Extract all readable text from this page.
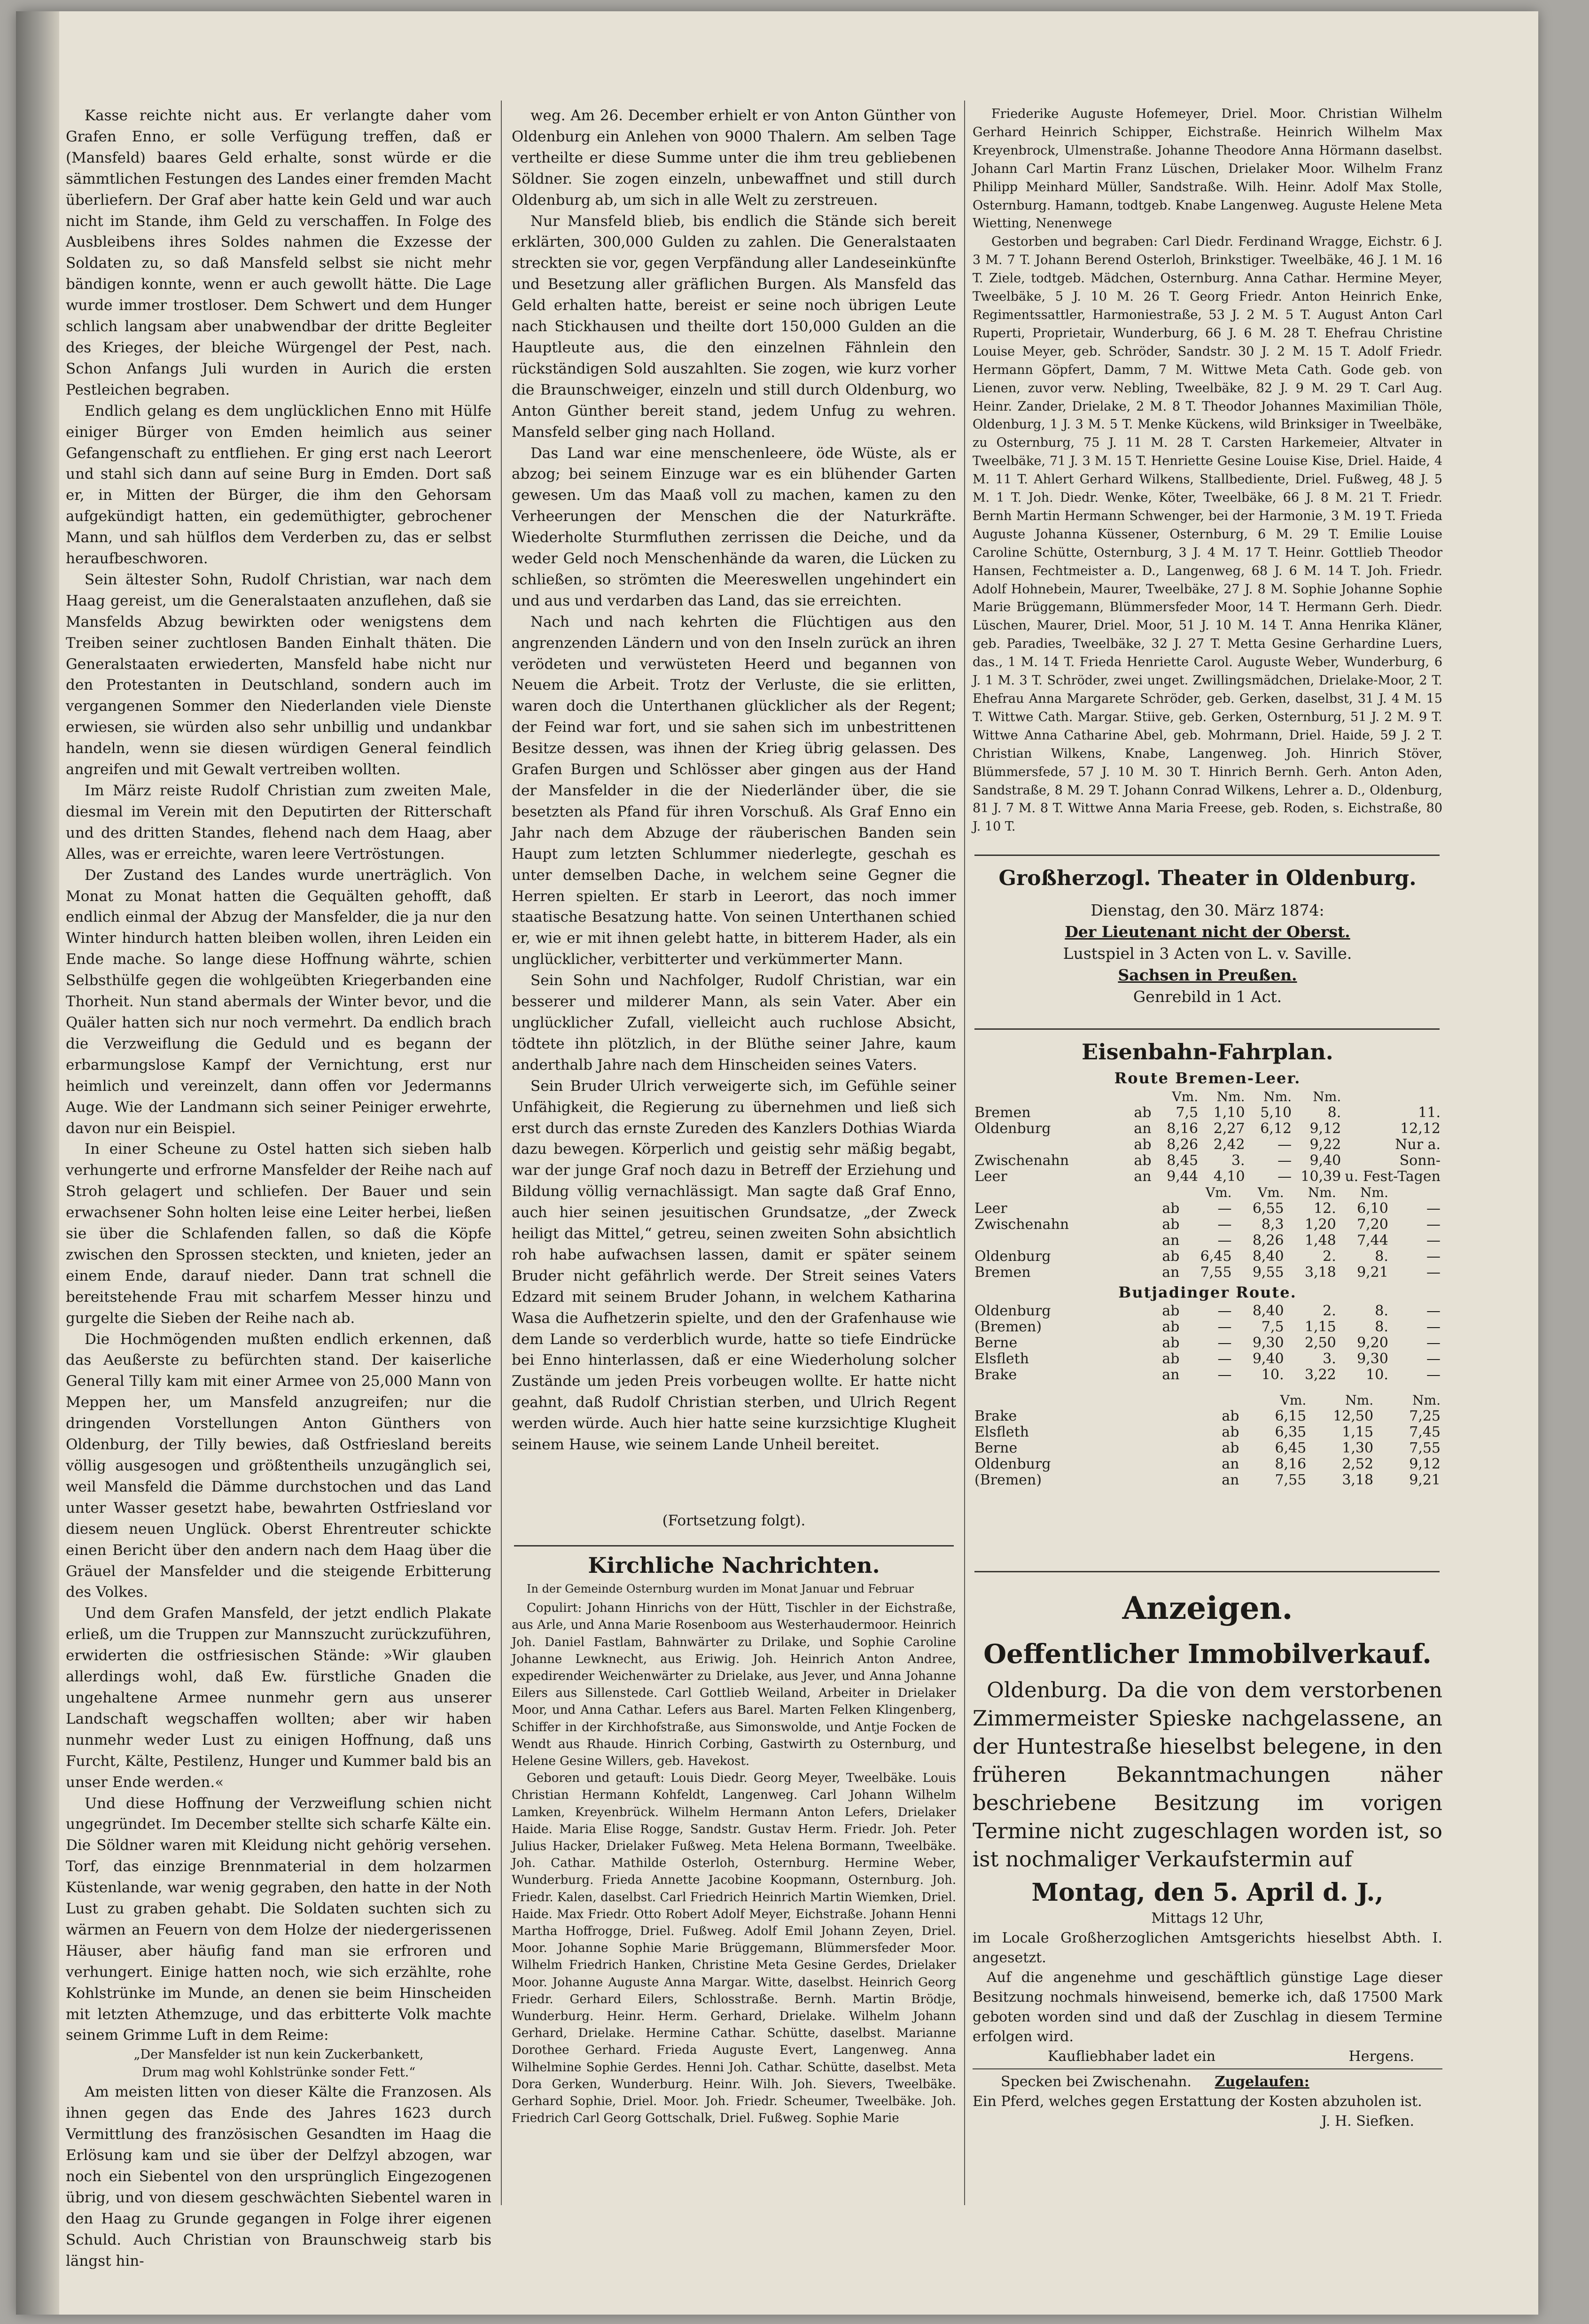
Kasse reichte nicht aus. Er verlangte daher vom Grafen Enno, er solle Verfügung treffen, daß er (Mansfeld) baares Geld erhalte, sonst würde er die sämmtlichen Festungen des Landes einer fremden Macht überliefern. Der Graf aber hatte kein Geld und war auch nicht im Stande, ihm Geld zu verschaffen. In Folge des Ausbleibens ihres Soldes nahmen die Exzesse der Soldaten zu, so daß Mansfeld selbst sie nicht mehr bändigen konnte, wenn er auch gewollt hätte. Die Lage wurde immer trostloser. Dem Schwert und dem Hunger schlich langsam aber unabwendbar der dritte Begleiter des Krieges, der bleiche Würgengel der Pest, nach. Schon Anfangs Juli wurden in Aurich die ersten Pestleichen begraben.

Endlich gelang es dem unglücklichen Enno mit Hülfe einiger Bürger von Emden heimlich aus seiner Gefangenschaft zu entfliehen. Er ging erst nach Leerort und stahl sich dann auf seine Burg in Emden. Dort saß er, in Mitten der Bürger, die ihm den Gehorsam aufgekündigt hatten, ein gedemüthigter, gebrochener Mann, und sah hülflos dem Verderben zu, das er selbst heraufbeschworen.

Sein ältester Sohn, Rudolf Christian, war nach dem Haag gereist, um die Generalstaaten anzuflehen, daß sie Mansfelds Abzug bewirkten oder wenigstens dem Treiben seiner zuchtlosen Banden Einhalt thäten. Die Generalstaaten erwiederten, Mansfeld habe nicht nur den Protestanten in Deutschland, sondern auch im vergangenen Sommer den Niederlanden viele Dienste erwiesen, sie würden also sehr unbillig und undankbar handeln, wenn sie diesen würdigen General feindlich angreifen und mit Gewalt vertreiben wollten.

Im März reiste Rudolf Christian zum zweiten Male, diesmal im Verein mit den Deputirten der Ritterschaft und des dritten Standes, flehend nach dem Haag, aber Alles, was er erreichte, waren leere Vertröstungen.

Der Zustand des Landes wurde unerträglich. Von Monat zu Monat hatten die Gequälten gehofft, daß endlich einmal der Abzug der Mansfelder, die ja nur den Winter hindurch hatten bleiben wollen, ihren Leiden ein Ende mache. So lange diese Hoffnung währte, schien Selbsthülfe gegen die wohlgeübten Kriegerbanden eine Thorheit. Nun stand abermals der Winter bevor, und die Quäler hatten sich nur noch vermehrt. Da endlich brach die Verzweiflung die Geduld und es begann der erbarmungslose Kampf der Vernichtung, erst nur heimlich und vereinzelt, dann offen vor Jedermanns Auge. Wie der Landmann sich seiner Peiniger erwehrte, davon nur ein Beispiel.

In einer Scheune zu Ostel hatten sich sieben halb verhungerte und erfrorne Mansfelder der Reihe nach auf Stroh gelagert und schliefen. Der Bauer und sein erwachsener Sohn holten leise eine Leiter herbei, ließen sie über die Schlafenden fallen, so daß die Köpfe zwischen den Sprossen steckten, und knieten, jeder an einem Ende, darauf nieder. Dann trat schnell die bereitstehende Frau mit scharfem Messer hinzu und gurgelte die Sieben der Reihe nach ab.

Die Hochmögenden mußten endlich erkennen, daß das Aeußerste zu befürchten stand. Der kaiserliche General Tilly kam mit einer Armee von 25,000 Mann von Meppen her, um Mansfeld anzugreifen; nur die dringenden Vorstellungen Anton Günthers von Oldenburg, der Tilly bewies, daß Ostfriesland bereits völlig ausgesogen und größtentheils unzugänglich sei, weil Mansfeld die Dämme durchstochen und das Land unter Wasser gesetzt habe, bewahrten Ostfriesland vor diesem neuen Unglück. Oberst Ehrentreuter schickte einen Bericht über den andern nach dem Haag über die Gräuel der Mansfelder und die steigende Erbitterung des Volkes.

Und dem Grafen Mansfeld, der jetzt endlich Plakate erließ, um die Truppen zur Mannszucht zurückzuführen, erwiderten die ostfriesischen Stände: »Wir glauben allerdings wohl, daß Ew. fürstliche Gnaden die ungehaltene Armee nunmehr gern aus unserer Landschaft wegschaffen wollten; aber wir haben nunmehr weder Lust zu einigen Hoffnung, daß uns Furcht, Kälte, Pestilenz, Hunger und Kummer bald bis an unser Ende werden.«

Und diese Hoffnung der Verzweiflung schien nicht ungegründet. Im December stellte sich scharfe Kälte ein. Die Söldner waren mit Kleidung nicht gehörig versehen. Torf, das einzige Brennmaterial in dem holzarmen Küstenlande, war wenig gegraben, den hatte in der Noth Lust zu graben gehabt. Die Soldaten suchten sich zu wärmen an Feuern von dem Holze der niedergerissenen Häuser, aber häufig fand man sie erfroren und verhungert. Einige hatten noch, wie sich erzählte, rohe Kohlstrünke im Munde, an denen sie beim Hinscheiden mit letzten Athemzuge, und das erbitterte Volk machte seinem Grimme Luft in dem Reime:

„Der Mansfelder ist nun kein Zuckerbankett,

Drum mag wohl Kohlstrünke sonder Fett.“

Am meisten litten von dieser Kälte die Franzosen. Als ihnen gegen das Ende des Jahres 1623 durch Vermittlung des französischen Gesandten im Haag die Erlösung kam und sie über der Delfzyl abzogen, war noch ein Siebentel von den ursprünglich Eingezogenen übrig, und von diesem geschwächten Siebentel waren in den Haag zu Grunde gegangen in Folge ihrer eigenen Schuld. Auch Christian von Braunschweig starb bis längst hin-

weg. Am 26. December erhielt er von Anton Günther von Oldenburg ein Anlehen von 9000 Thalern. Am selben Tage vertheilte er diese Summe unter die ihm treu gebliebenen Söldner. Sie zogen einzeln, unbewaffnet und still durch Oldenburg ab, um sich in alle Welt zu zerstreuen.

Nur Mansfeld blieb, bis endlich die Stände sich bereit erklärten, 300,000 Gulden zu zahlen. Die Generalstaaten streckten sie vor, gegen Verpfändung aller Landeseinkünfte und Besetzung aller gräflichen Burgen. Als Mansfeld das Geld erhalten hatte, bereist er seine noch übrigen Leute nach Stickhausen und theilte dort 150,000 Gulden an die Hauptleute aus, die den einzelnen Fähnlein den rückständigen Sold auszahlten. Sie zogen, wie kurz vorher die Braunschweiger, einzeln und still durch Oldenburg, wo Anton Günther bereit stand, jedem Unfug zu wehren. Mansfeld selber ging nach Holland.

Das Land war eine menschenleere, öde Wüste, als er abzog; bei seinem Einzuge war es ein blühender Garten gewesen. Um das Maaß voll zu machen, kamen zu den Verheerungen der Menschen die der Naturkräfte. Wiederholte Sturmfluthen zerrissen die Deiche, und da weder Geld noch Menschenhände da waren, die Lücken zu schließen, so strömten die Meereswellen ungehindert ein und aus und verdarben das Land, das sie erreichten.

Nach und nach kehrten die Flüchtigen aus den angrenzenden Ländern und von den Inseln zurück an ihren verödeten und verwüsteten Heerd und begannen von Neuem die Arbeit. Trotz der Verluste, die sie erlitten, waren doch die Unterthanen glücklicher als der Regent; der Feind war fort, und sie sahen sich im unbestrittenen Besitze dessen, was ihnen der Krieg übrig gelassen. Des Grafen Burgen und Schlösser aber gingen aus der Hand der Mansfelder in die der Niederländer über, die sie besetzten als Pfand für ihren Vorschuß. Als Graf Enno ein Jahr nach dem Abzuge der räuberischen Banden sein Haupt zum letzten Schlummer niederlegte, geschah es unter demselben Dache, in welchem seine Gegner die Herren spielten. Er starb in Leerort, das noch immer staatische Besatzung hatte. Von seinen Unterthanen schied er, wie er mit ihnen gelebt hatte, in bitterem Hader, als ein unglücklicher, verbitterter und verkümmerter Mann.

Sein Sohn und Nachfolger, Rudolf Christian, war ein besserer und milderer Mann, als sein Vater. Aber ein unglücklicher Zufall, vielleicht auch ruchlose Absicht, tödtete ihn plötzlich, in der Blüthe seiner Jahre, kaum anderthalb Jahre nach dem Hinscheiden seines Vaters.

Sein Bruder Ulrich verweigerte sich, im Gefühle seiner Unfähigkeit, die Regierung zu übernehmen und ließ sich erst durch das ernste Zureden des Kanzlers Dothias Wiarda dazu bewegen. Körperlich und geistig sehr mäßig begabt, war der junge Graf noch dazu in Betreff der Erziehung und Bildung völlig vernachlässigt. Man sagte daß Graf Enno, auch hier seinen jesuitischen Grundsatze, „der Zweck heiligt das Mittel,“ getreu, seinen zweiten Sohn absichtlich roh habe aufwachsen lassen, damit er später seinem Bruder nicht gefährlich werde. Der Streit seines Vaters Edzard mit seinem Bruder Johann, in welchem Katharina Wasa die Aufhetzerin spielte, und den der Grafenhause wie dem Lande so verderblich wurde, hatte so tiefe Eindrücke bei Enno hinterlassen, daß er eine Wiederholung solcher Zustände um jeden Preis vorbeugen wollte. Er hatte nicht geahnt, daß Rudolf Christian sterben, und Ulrich Regent werden würde. Auch hier hatte seine kurzsichtige Klugheit seinem Hause, wie seinem Lande Unheil bereitet.

(Fortsetzung folgt).
Kirchliche Nachrichten.

In der Gemeinde Osternburg wurden im Monat Januar und Februar

Copulirt: Johann Hinrichs von der Hütt, Tischler in der Eichstraße, aus Arle, und Anna Marie Rosenboom aus Westerhaudermoor. Heinrich Joh. Daniel Fastlam, Bahnwärter zu Drilake, und Sophie Caroline Johanne Lewknecht, aus Eriwig. Joh. Heinrich Anton Andree, expedirender Weichenwärter zu Drielake, aus Jever, und Anna Johanne Eilers aus Sillenstede. Carl Gottlieb Weiland, Arbeiter in Drielaker Moor, und Anna Cathar. Lefers aus Barel. Marten Felken Klingenberg, Schiffer in der Kirchhofstraße, aus Simonswolde, und Antje Focken de Wendt aus Rhaude. Hinrich Corbing, Gastwirth zu Osternburg, und Helene Gesine Willers, geb. Havekost.

Geboren und getauft: Louis Diedr. Georg Meyer, Tweelbäke. Louis Christian Hermann Kohfeldt, Langenweg. Carl Johann Wilhelm Lamken, Kreyenbrück. Wilhelm Hermann Anton Lefers, Drielaker Haide. Maria Elise Rogge, Sandstr. Gustav Herm. Friedr. Joh. Peter Julius Hacker, Drielaker Fußweg. Meta Helena Bormann, Tweelbäke. Joh. Cathar. Mathilde Osterloh, Osternburg. Hermine Weber, Wunderburg. Frieda Annette Jacobine Koopmann, Osternburg. Joh. Friedr. Kalen, daselbst. Carl Friedrich Heinrich Martin Wiemken, Driel. Haide. Max Friedr. Otto Robert Adolf Meyer, Eichstraße. Johann Henni Martha Hoffrogge, Driel. Fußweg. Adolf Emil Johann Zeyen, Driel. Moor. Johanne Sophie Marie Brüggemann, Blümmersfeder Moor. Wilhelm Friedrich Hanken, Christine Meta Gesine Gerdes, Drielaker Moor. Johanne Auguste Anna Margar. Witte, daselbst. Heinrich Georg Friedr. Gerhard Eilers, Schlosstraße. Bernh. Martin Brödje, Wunderburg. Heinr. Herm. Gerhard, Drielake. Wilhelm Johann Gerhard, Drielake. Hermine Cathar. Schütte, daselbst. Marianne Dorothee Gerhard. Frieda Auguste Evert, Langenweg. Anna Wilhelmine Sophie Gerdes. Henni Joh. Cathar. Schütte, daselbst. Meta Dora Gerken, Wunderburg. Heinr. Wilh. Joh. Sievers, Tweelbäke. Gerhard Sophie, Driel. Moor. Joh. Friedr. Scheumer, Tweelbäke. Joh. Friedrich Carl Georg Gottschalk, Driel. Fußweg. Sophie Marie

Friederike Auguste Hofemeyer, Driel. Moor. Christian Wilhelm Gerhard Heinrich Schipper, Eichstraße. Heinrich Wilhelm Max Kreyenbrock, Ulmenstraße. Johanne Theodore Anna Hörmann daselbst. Johann Carl Martin Franz Lüschen, Drielaker Moor. Wilhelm Franz Philipp Meinhard Müller, Sandstraße. Wilh. Heinr. Adolf Max Stolle, Osternburg. Hamann, todtgeb. Knabe Langenweg. Auguste Helene Meta Wietting, Nenenwege

Gestorben und begraben: Carl Diedr. Ferdinand Wragge, Eichstr. 6 J. 3 M. 7 T. Johann Berend Osterloh, Brinkstiger. Tweelbäke, 46 J. 1 M. 16 T. Ziele, todtgeb. Mädchen, Osternburg. Anna Cathar. Hermine Meyer, Tweelbäke, 5 J. 10 M. 26 T. Georg Friedr. Anton Heinrich Enke, Regimentssattler, Harmoniestraße, 53 J. 2 M. 5 T. August Anton Carl Ruperti, Proprietair, Wunderburg, 66 J. 6 M. 28 T. Ehefrau Christine Louise Meyer, geb. Schröder, Sandstr. 30 J. 2 M. 15 T. Adolf Friedr. Hermann Göpfert, Damm, 7 M. Wittwe Meta Cath. Gode geb. von Lienen, zuvor verw. Nebling, Tweelbäke, 82 J. 9 M. 29 T. Carl Aug. Heinr. Zander, Drielake, 2 M. 8 T. Theodor Johannes Maximilian Thöle, Oldenburg, 1 J. 3 M. 5 T. Menke Kückens, wild Brinksiger in Tweelbäke, zu Osternburg, 75 J. 11 M. 28 T. Carsten Harkemeier, Altvater in Tweelbäke, 71 J. 3 M. 15 T. Henriette Gesine Louise Kise, Driel. Haide, 4 M. 11 T. Ahlert Gerhard Wilkens, Stallbediente, Driel. Fußweg, 48 J. 5 M. 1 T. Joh. Diedr. Wenke, Köter, Tweelbäke, 66 J. 8 M. 21 T. Friedr. Bernh Martin Hermann Schwenger, bei der Harmonie, 3 M. 19 T. Frieda Auguste Johanna Küssener, Osternburg, 6 M. 29 T. Emilie Louise Caroline Schütte, Osternburg, 3 J. 4 M. 17 T. Heinr. Gottlieb Theodor Hansen, Fechtmeister a. D., Langenweg, 68 J. 6 M. 14 T. Joh. Friedr. Adolf Hohnebein, Maurer, Tweelbäke, 27 J. 8 M. Sophie Johanne Sophie Marie Brüggemann, Blümmersfeder Moor, 14 T. Hermann Gerh. Diedr. Lüschen, Maurer, Driel. Moor, 51 J. 10 M. 14 T. Anna Henrika Kläner, geb. Paradies, Tweelbäke, 32 J. 27 T. Metta Gesine Gerhardine Luers, das., 1 M. 14 T. Frieda Henriette Carol. Auguste Weber, Wunderburg, 6 J. 1 M. 3 T. Schröder, zwei unget. Zwillingsmädchen, Drielake-Moor, 2 T. Ehefrau Anna Margarete Schröder, geb. Gerken, daselbst, 31 J. 4 M. 15 T. Wittwe Cath. Margar. Stiive, geb. Gerken, Osternburg, 51 J. 2 M. 9 T. Wittwe Anna Catharine Abel, geb. Mohrmann, Driel. Haide, 59 J. 2 T. Christian Wilkens, Knabe, Langenweg. Joh. Hinrich Stöver, Blümmersfede, 57 J. 10 M. 30 T. Hinrich Bernh. Gerh. Anton Aden, Sandstraße, 8 M. 29 T. Johann Conrad Wilkens, Lehrer a. D., Oldenburg, 81 J. 7 M. 8 T. Wittwe Anna Maria Freese, geb. Roden, s. Eichstraße, 80 J. 10 T.

Großherzogl. Theater in Oldenburg.
Dienstag, den 30. März 1874:
Der Lieutenant nicht der Oberst.
Lustspiel in 3 Acten von L. v. Saville.
Sachsen in Preußen.
Genrebild in 1 Act.
Eisenbahn-Fahrplan.
Route Bremen-Leer.
		Vm.	Nm.	Nm.	Nm.	
Bremen	ab	7,5	1,10	5,10	8.	11.
Oldenburg	an	8,16	2,27	6,12	9,12	12,12
	ab	8,26	2,42	—	9,22	Nur a.
Zwischenahn	ab	8,45	3.	—	9,40	Sonn-
Leer	an	9,44	4,10	—	10,39	u. Fest-Tagen
		Vm.	Vm.	Nm.	Nm.	
Leer	ab	—	6,55	12.	6,10	—
Zwischenahn	ab	—	8,3	1,20	7,20	—
	an	—	8,26	1,48	7,44	—
Oldenburg	ab	6,45	8,40	2.	8.	—
Bremen	an	7,55	9,55	3,18	9,21	—
Butjadinger Route.
Oldenburg	ab	—	8,40	2.	8.	—
(Bremen)	ab	—	7,5	1,15	8.	—
Berne	ab	—	9,30	2,50	9,20	—
Elsfleth	ab	—	9,40	3.	9,30	—
Brake	an	—	10.	3,22	10.	—
		Vm.	Nm.	Nm.
Brake	ab	6,15	12,50	7,25
Elsfleth	ab	6,35	1,15	7,45
Berne	ab	6,45	1,30	7,55
Oldenburg	an	8,16	2,52	9,12
(Bremen)	an	7,55	3,18	9,21
Anzeigen.
Oeffentlicher Immobilverkauf.

Oldenburg. Da die von dem verstorbenen Zimmermeister Spieske nachgelassene, an der Huntestraße hieselbst belegene, in den früheren Bekanntmachungen näher beschriebene Besitzung im vorigen Termine nicht zugeschlagen worden ist, so ist nochmaliger Verkaufstermin auf

Montag, den 5. April d. J.,
Mittags 12 Uhr,

im Locale Großherzoglichen Amtsgerichts hieselbst Abth. I. angesetzt.

Auf die angenehme und geschäftlich günstige Lage dieser Besitzung nochmals hinweisend, bemerke ich, daß 17500 Mark geboten worden sind und daß der Zuschlag in diesem Termine erfolgen wird.

Kaufliebhaber ladet ein	Hergens.
Specken bei Zwischenahn. Zugelaufen:
Ein Pferd, welches gegen Erstattung der Kosten abzuholen ist.
J. H. Siefken.
